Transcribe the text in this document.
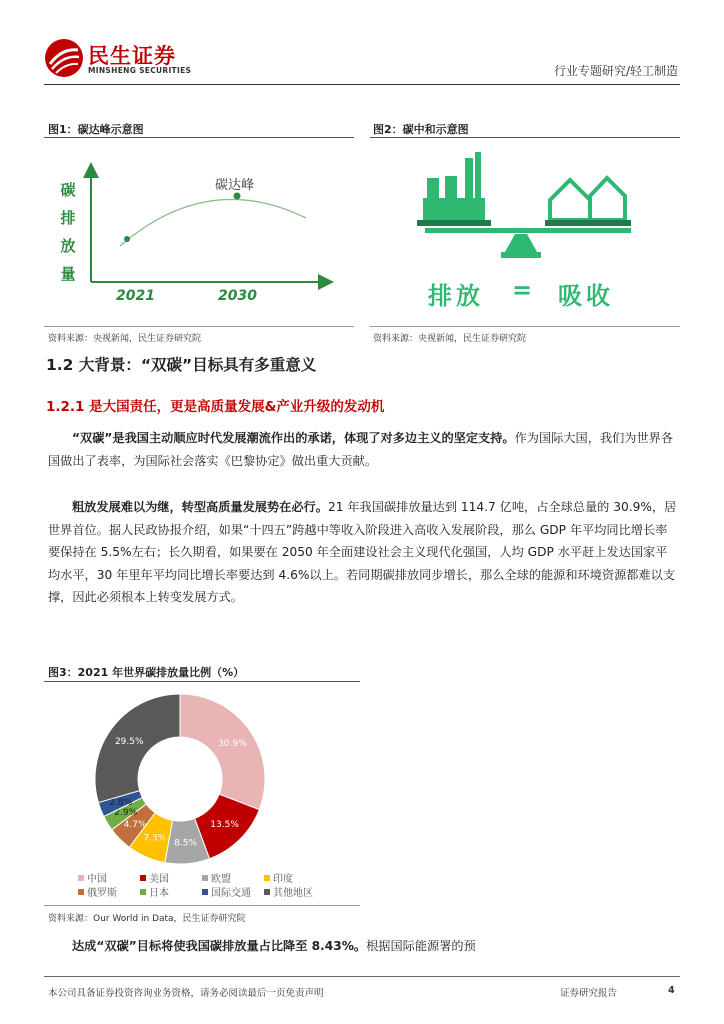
民生证券
MINSHENG SECURITIES	行业专题研究/轻工制造
图1：碳达峰示意图
碳
排
放
量
碳达峰
2021	2030
资料来源：央视新闻，民生证券研究院
图2：碳中和示意图
排放 = 吸收
资料来源：央视新闻，民生证券研究院
1.2 大背景：“双碳”目标具有多重意义
1.2.1 是大国责任，更是高质量发展&产业升级的发动机
“双碳”是我国主动顺应时代发展潮流作出的承诺，体现了对多边主义的坚定支持。作为国际大国，我们为世界各国做出了表率，为国际社会落实《巴黎协定》做出重大贡献。
粗放发展难以为继，转型高质量发展势在必行。21 年我国碳排放量达到 114.7 亿吨，占全球总量的 30.9%，居世界首位。据人民政协报介绍，如果“十四五”跨越中等收入阶段进入高收入发展阶段，那么 GDP 年平均同比增长率要保持在 5.5%左右；长久期看，如果要在 2050 年全面建设社会主义现代化强国，人均 GDP 水平赶上发达国家平均水平，30 年里年平均同比增长率要达到 4.6%以上。若同期碳排放同步增长，那么全球的能源和环境资源都难以支撑，因此必须根本上转变发展方式。
图3：2021 年世界碳排放量比例（%）
30.9%
13.5%
8.5%
7.3%
4.7%
2.9%
2.8%
29.5%
中国	美国	欧盟	印度
俄罗斯	日本	国际交通 其他地区
资料来源：Our World in Data，民生证券研究院
达成“双碳”目标将使我国碳排放量占比降至 8.43%。根据国际能源署的预
本公司具备证券投资咨询业务资格，请务必阅读最后一页免责声明	证券研究报告	4
